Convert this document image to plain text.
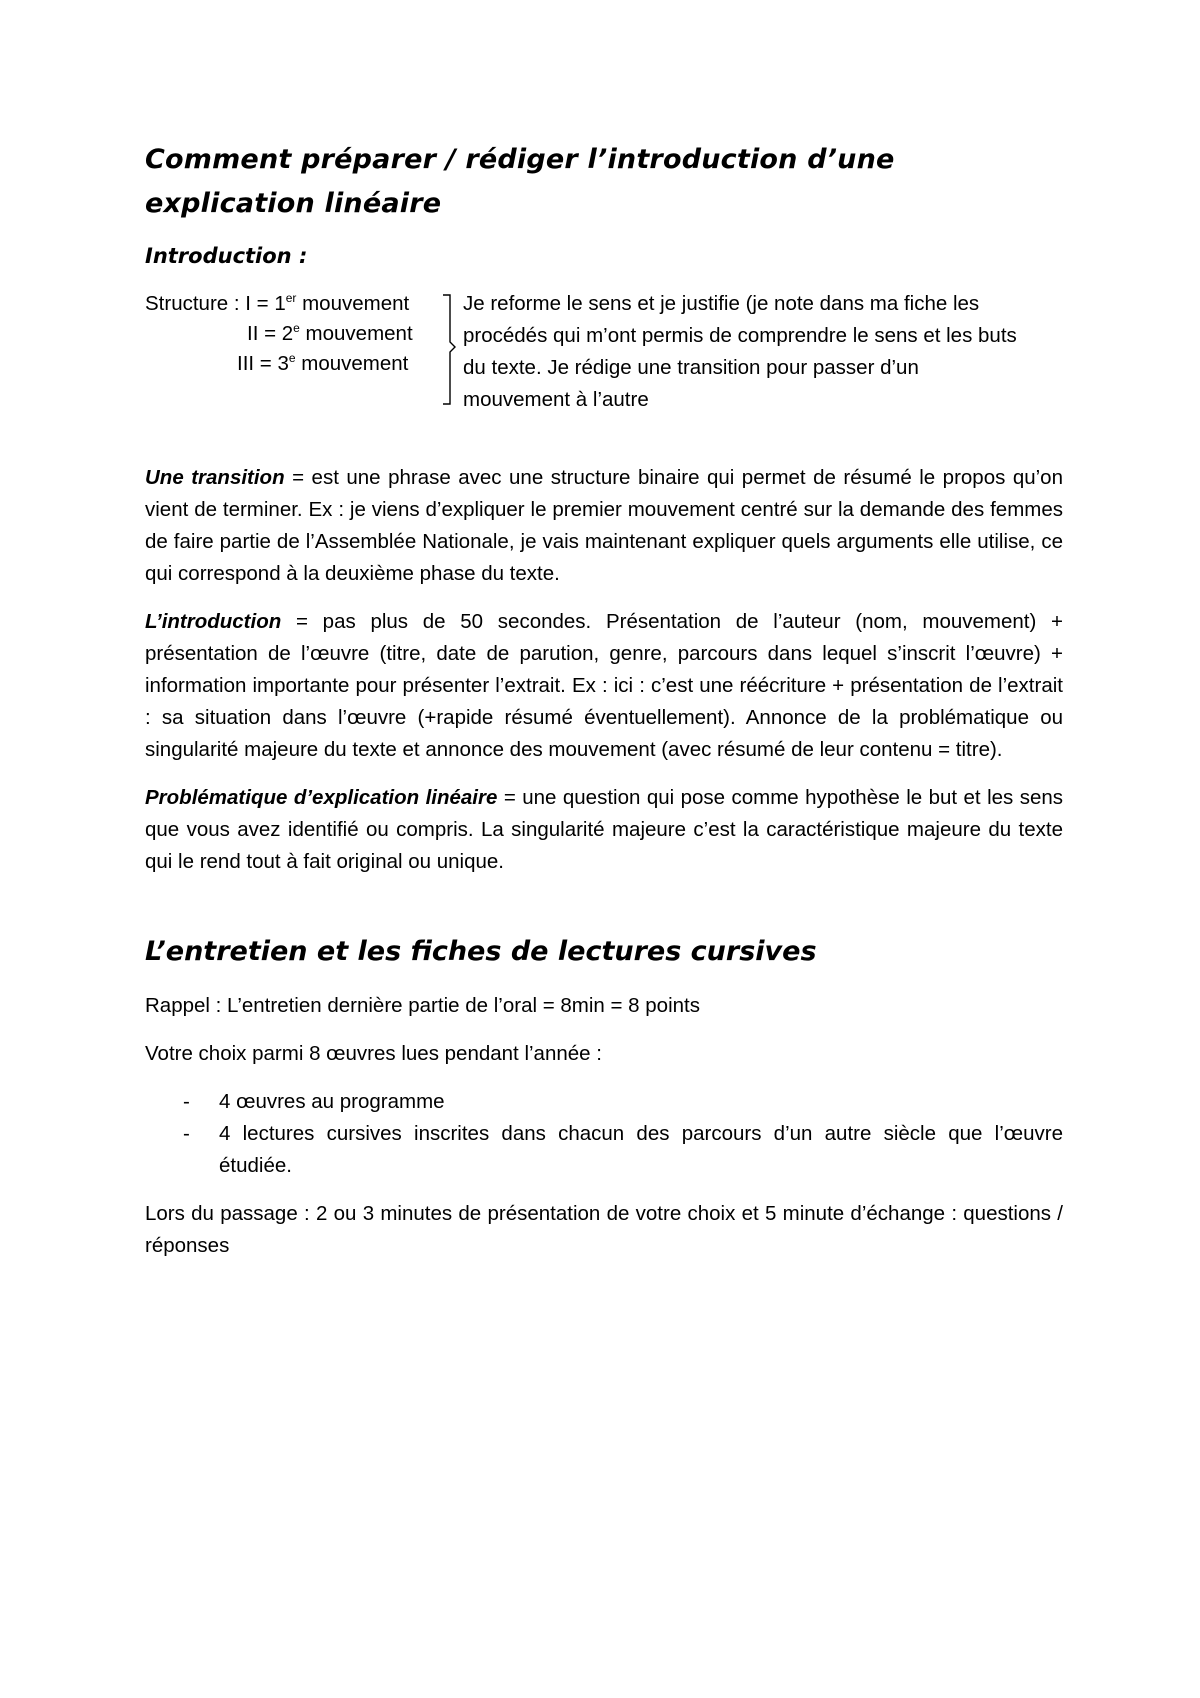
Comment préparer / rédiger l’introduction d’une
explication linéaire
Introduction :
Structure : I = 1er mouvement
II = $2^e$ mouvement
III = $3^e$ mouvement
Je reforme le sens et je justifie (je note dans ma fiche les procédés qui m’ont permis de comprendre le sens et les buts du texte. Je rédige une transition pour passer d’un mouvement à l’autre

Une transition = est une phrase avec une structure binaire qui permet de résumé le propos qu’on vient de terminer. Ex : je viens d’expliquer le premier mouvement centré sur la demande des femmes de faire partie de l’Assemblée Nationale, je vais maintenant expliquer quels arguments elle utilise, ce qui correspond à la deuxième phase du texte.

L’introduction = pas plus de 50 secondes. Présentation de l’auteur (nom, mouvement) + présentation de l’œuvre (titre, date de parution, genre, parcours dans lequel s’inscrit l’œuvre) + information importante pour présenter l’extrait. Ex : ici : c’est une réécriture + présentation de l’extrait : sa situation dans l’œuvre (+rapide résumé éventuellement). Annonce de la problématique ou singularité majeure du texte et annonce des mouvement (avec résumé de leur contenu = titre).

Problématique d’explication linéaire = une question qui pose comme hypothèse le but et les sens que vous avez identifié ou compris. La singularité majeure c’est la caractéristique majeure du texte qui le rend tout à fait original ou unique.

L’entretien et les fiches de lectures cursives

Rappel : L’entretien dernière partie de l’oral = 8min = 8 points

Votre choix parmi 8 œuvres lues pendant l’année :

- 4 œuvres au programme
- 4 lectures cursives inscrites dans chacun des parcours d’un autre siècle que l’œuvre étudiée.

Lors du passage : 2 ou 3 minutes de présentation de votre choix et 5 minute d’échange : questions / réponses
